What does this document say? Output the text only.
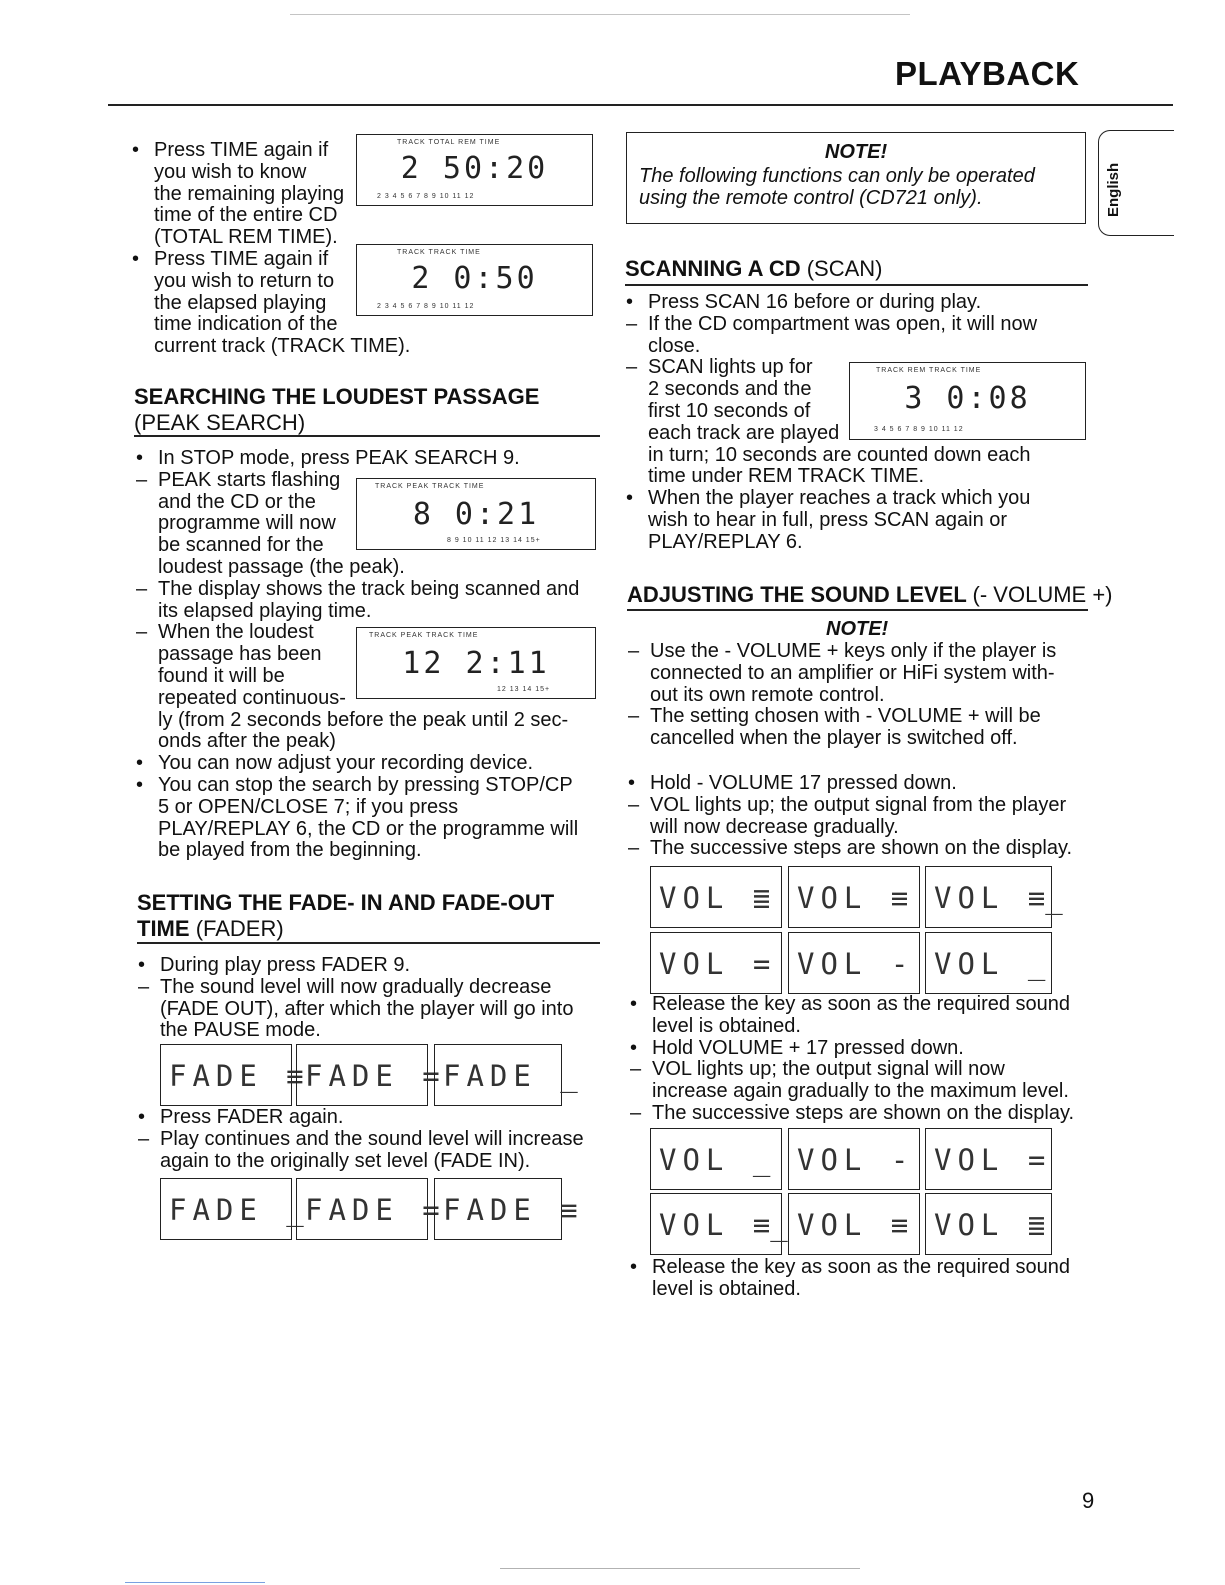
PLAYBACK
English
• Press TIME again if
you wish to know
the remaining playing
time of the entire CD
(TOTAL REM TIME).
TRACK TOTAL REM TIME
2 50:20
2 3 4 5 6 7 8 9 10 11 12
• Press TIME again if
you wish to return to
the elapsed playing
time indication of the
current track (TRACK TIME).
TRACK TRACK TIME
2 0:50
2 3 4 5 6 7 8 9 10 11 12
SEARCHING THE LOUDEST PASSAGE
(PEAK SEARCH)
• In STOP mode, press PEAK SEARCH 9.
– PEAK starts flashing
and the CD or the
programme will now
be scanned for the
loudest passage (the peak).
– The display shows the track being scanned and
its elapsed playing time.
– When the loudest
passage has been
found it will be
repeated continuous-
ly (from 2 seconds before the peak until 2 sec-
onds after the peak)
• You can now adjust your recording device.
• You can stop the search by pressing STOP/CP
5 or OPEN/CLOSE 7; if you press
PLAY/REPLAY 6, the CD or the programme will
be played from the beginning.
TRACK PEAK TRACK TIME
8 0:21
8 9 10 11 12 13 14 15+
TRACK PEAK TRACK TIME
12 2:11
12 13 14 15+
SETTING THE FADE- IN AND FADE-OUT
TIME (FADER)
• During play press FADER 9.
– The sound level will now gradually decrease
(FADE OUT), after which the player will go into
the PAUSE mode.
FADE ≡
FADE =
FADE _
• Press FADER again.
– Play continues and the sound level will increase
again to the originally set level (FADE IN).
FADE _
FADE =
FADE ≡
NOTE!
The following functions can only be operated
using the remote control (CD721 only).
SCANNING A CD (SCAN)
• Press SCAN 16 before or during play.
– If the CD compartment was open, it will now
close.
– SCAN lights up for
2 seconds and the
first 10 seconds of
each track are played
in turn; 10 seconds are counted down each
time under REM TRACK TIME.
• When the player reaches a track which you
wish to hear in full, press SCAN again or
PLAY/REPLAY 6.
TRACK REM TRACK TIME
3 0:08
3 4 5 6 7 8 9 10 11 12
ADJUSTING THE SOUND LEVEL (- VOLUME +)
NOTE!
– Use the - VOLUME + keys only if the player is
connected to an amplifier or HiFi system with-
out its own remote control.
– The setting chosen with - VOLUME + will be
cancelled when the player is switched off.
• Hold - VOLUME 17 pressed down.
– VOL lights up; the output signal from the player
will now decrease gradually.
– The successive steps are shown on the display.
VOL ≣ VOL ≡ VOL ≡̲
VOL = VOL - VOL _
• Release the key as soon as the required sound
level is obtained.
• Hold VOLUME + 17 pressed down.
– VOL lights up; the output signal will now
increase again gradually to the maximum level.
– The successive steps are shown on the display.
VOL _ VOL - VOL =
VOL ≡̲ VOL ≡ VOL ≣
• Release the key as soon as the required sound
level is obtained.
9
